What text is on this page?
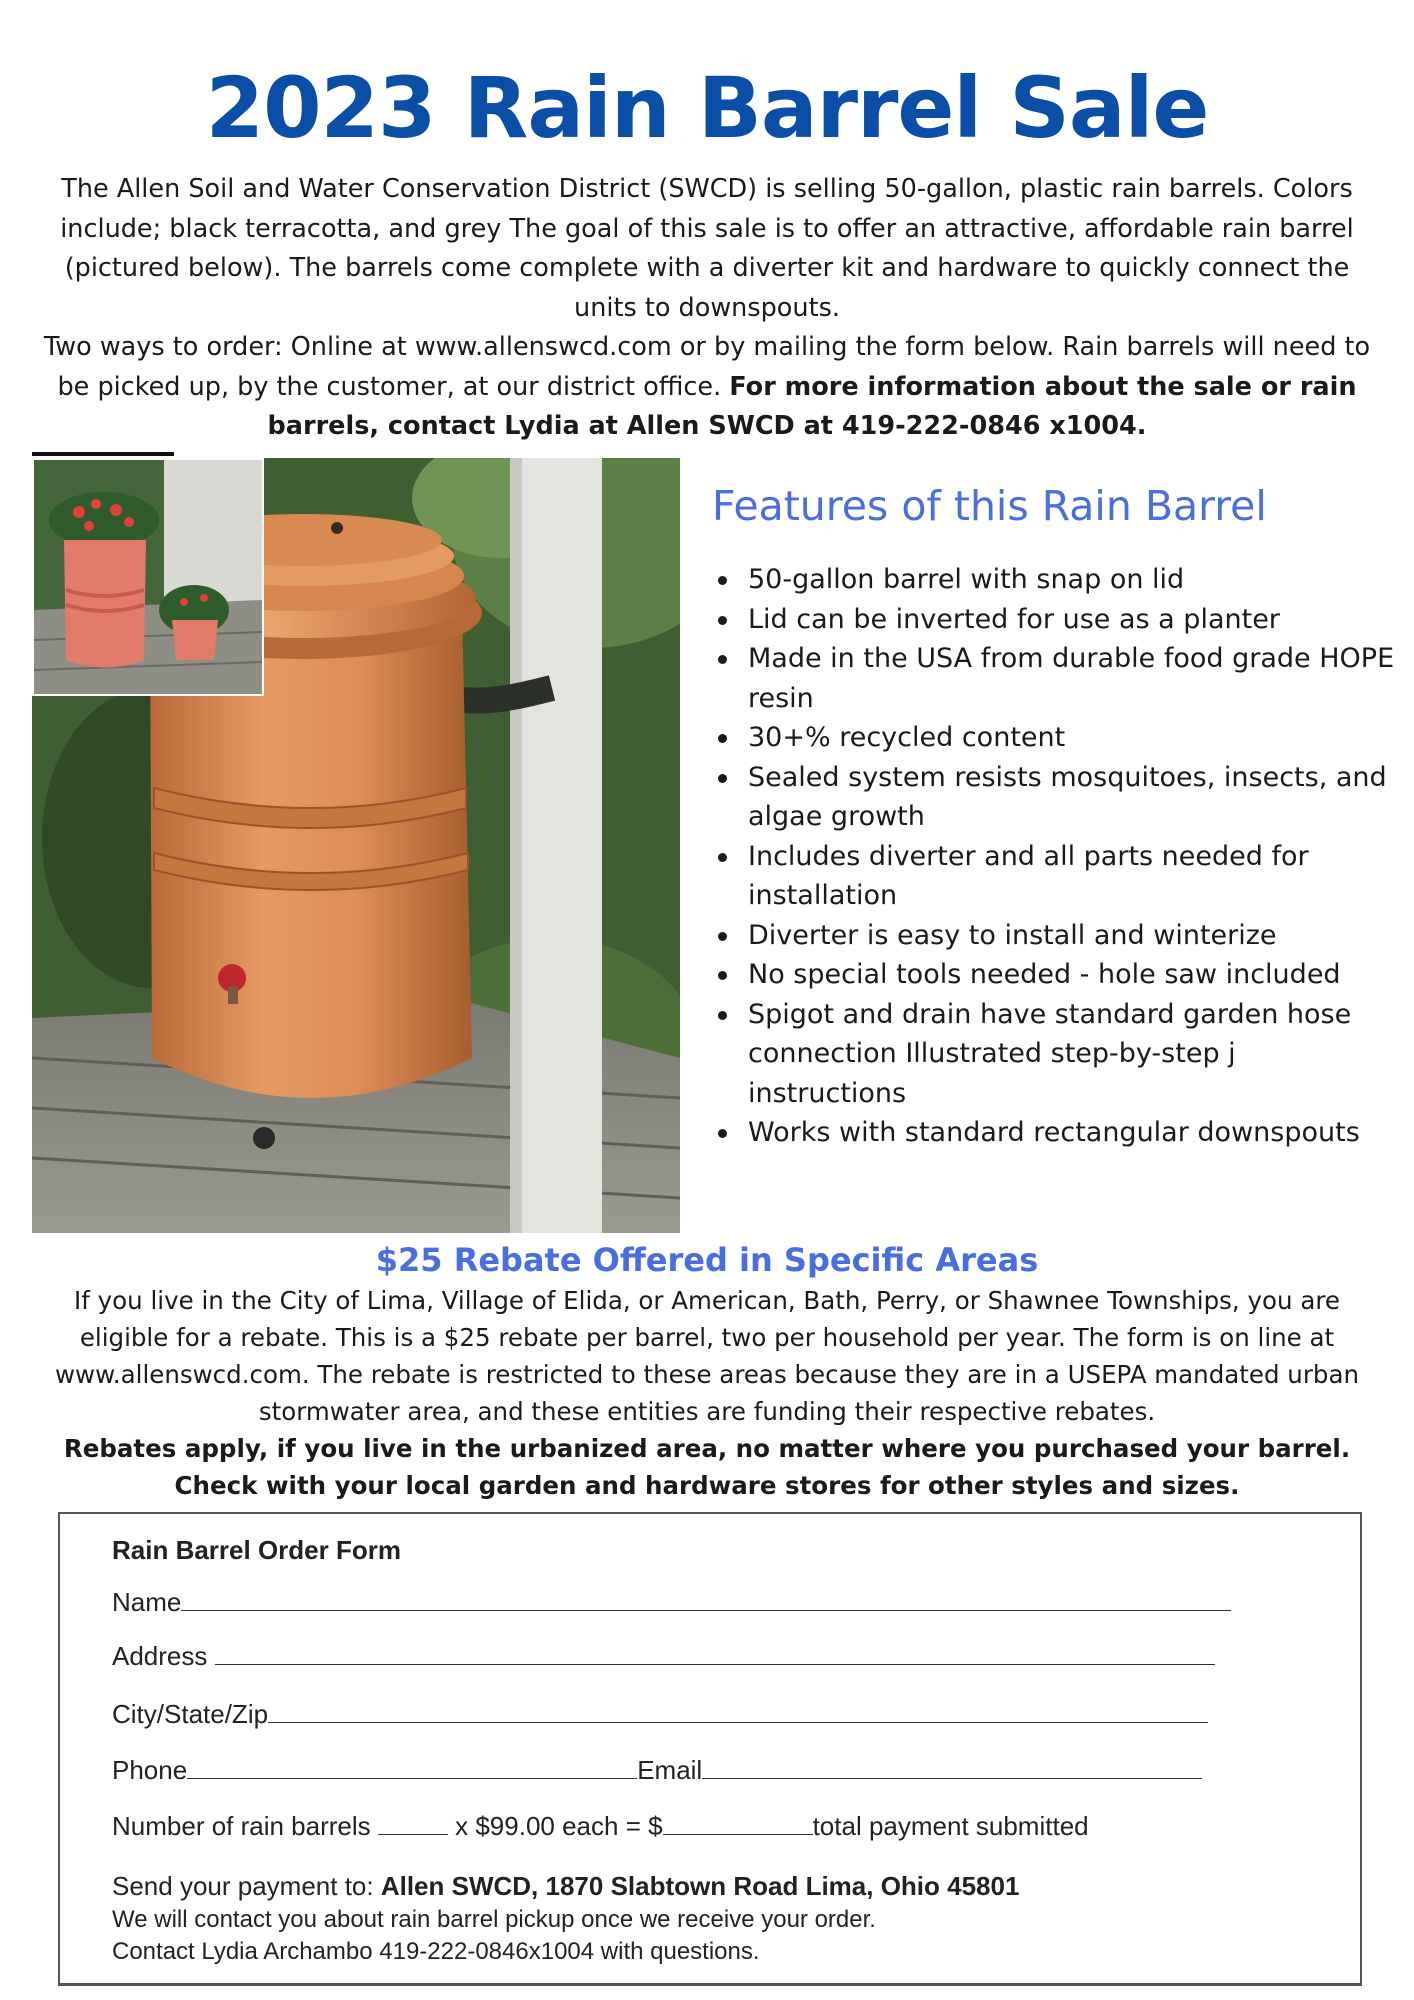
2023 Rain Barrel Sale

The Allen Soil and Water Conservation District (SWCD) is selling 50-gallon, plastic rain barrels. Colors include; black terracotta, and grey The goal of this sale is to offer an attractive, affordable rain barrel (pictured below). The barrels come complete with a diverter kit and hardware to quickly connect the units to downspouts.

Two ways to order: Online at www.allenswcd.com or by mailing the form below. Rain barrels will need to be picked up, by the customer, at our district office. For more information about the sale or rain barrels, contact Lydia at Allen SWCD at 419-222-0846 x1004.

Features of this Rain Barrel
50-gallon barrel with snap on lid
Lid can be inverted for use as a planter
Made in the USA from durable food grade HOPE resin
30+% recycled content
Sealed system resists mosquitoes, insects, and algae growth
Includes diverter and all parts needed for installation
Diverter is easy to install and winterize
No special tools needed - hole saw included
Spigot and drain have standard garden hose connection Illustrated step-by-step j instructions
Works with standard rectangular downspouts
$25 Rebate Offered in Specific Areas

If you live in the City of Lima, Village of Elida, or American, Bath, Perry, or Shawnee Townships, you are eligible for a rebate. This is a $25 rebate per barrel, two per household per year. The form is on line at www.allenswcd.com. The rebate is restricted to these areas because they are in a USEPA mandated urban stormwater area, and these entities are funding their respective rebates.

Rebates apply, if you live in the urbanized area, no matter where you purchased your barrel.

Check with your local garden and hardware stores for other styles and sizes.

Rain Barrel Order Form
Name
Address
City/State/Zip
Phone	Email
Number of rain barrels	x $99.00 each = $	total payment submitted
Send your payment to: Allen SWCD, 1870 Slabtown Road Lima, Ohio 45801
We will contact you about rain barrel pickup once we receive your order.
Contact Lydia Archambo 419-222-0846x1004 with questions.
